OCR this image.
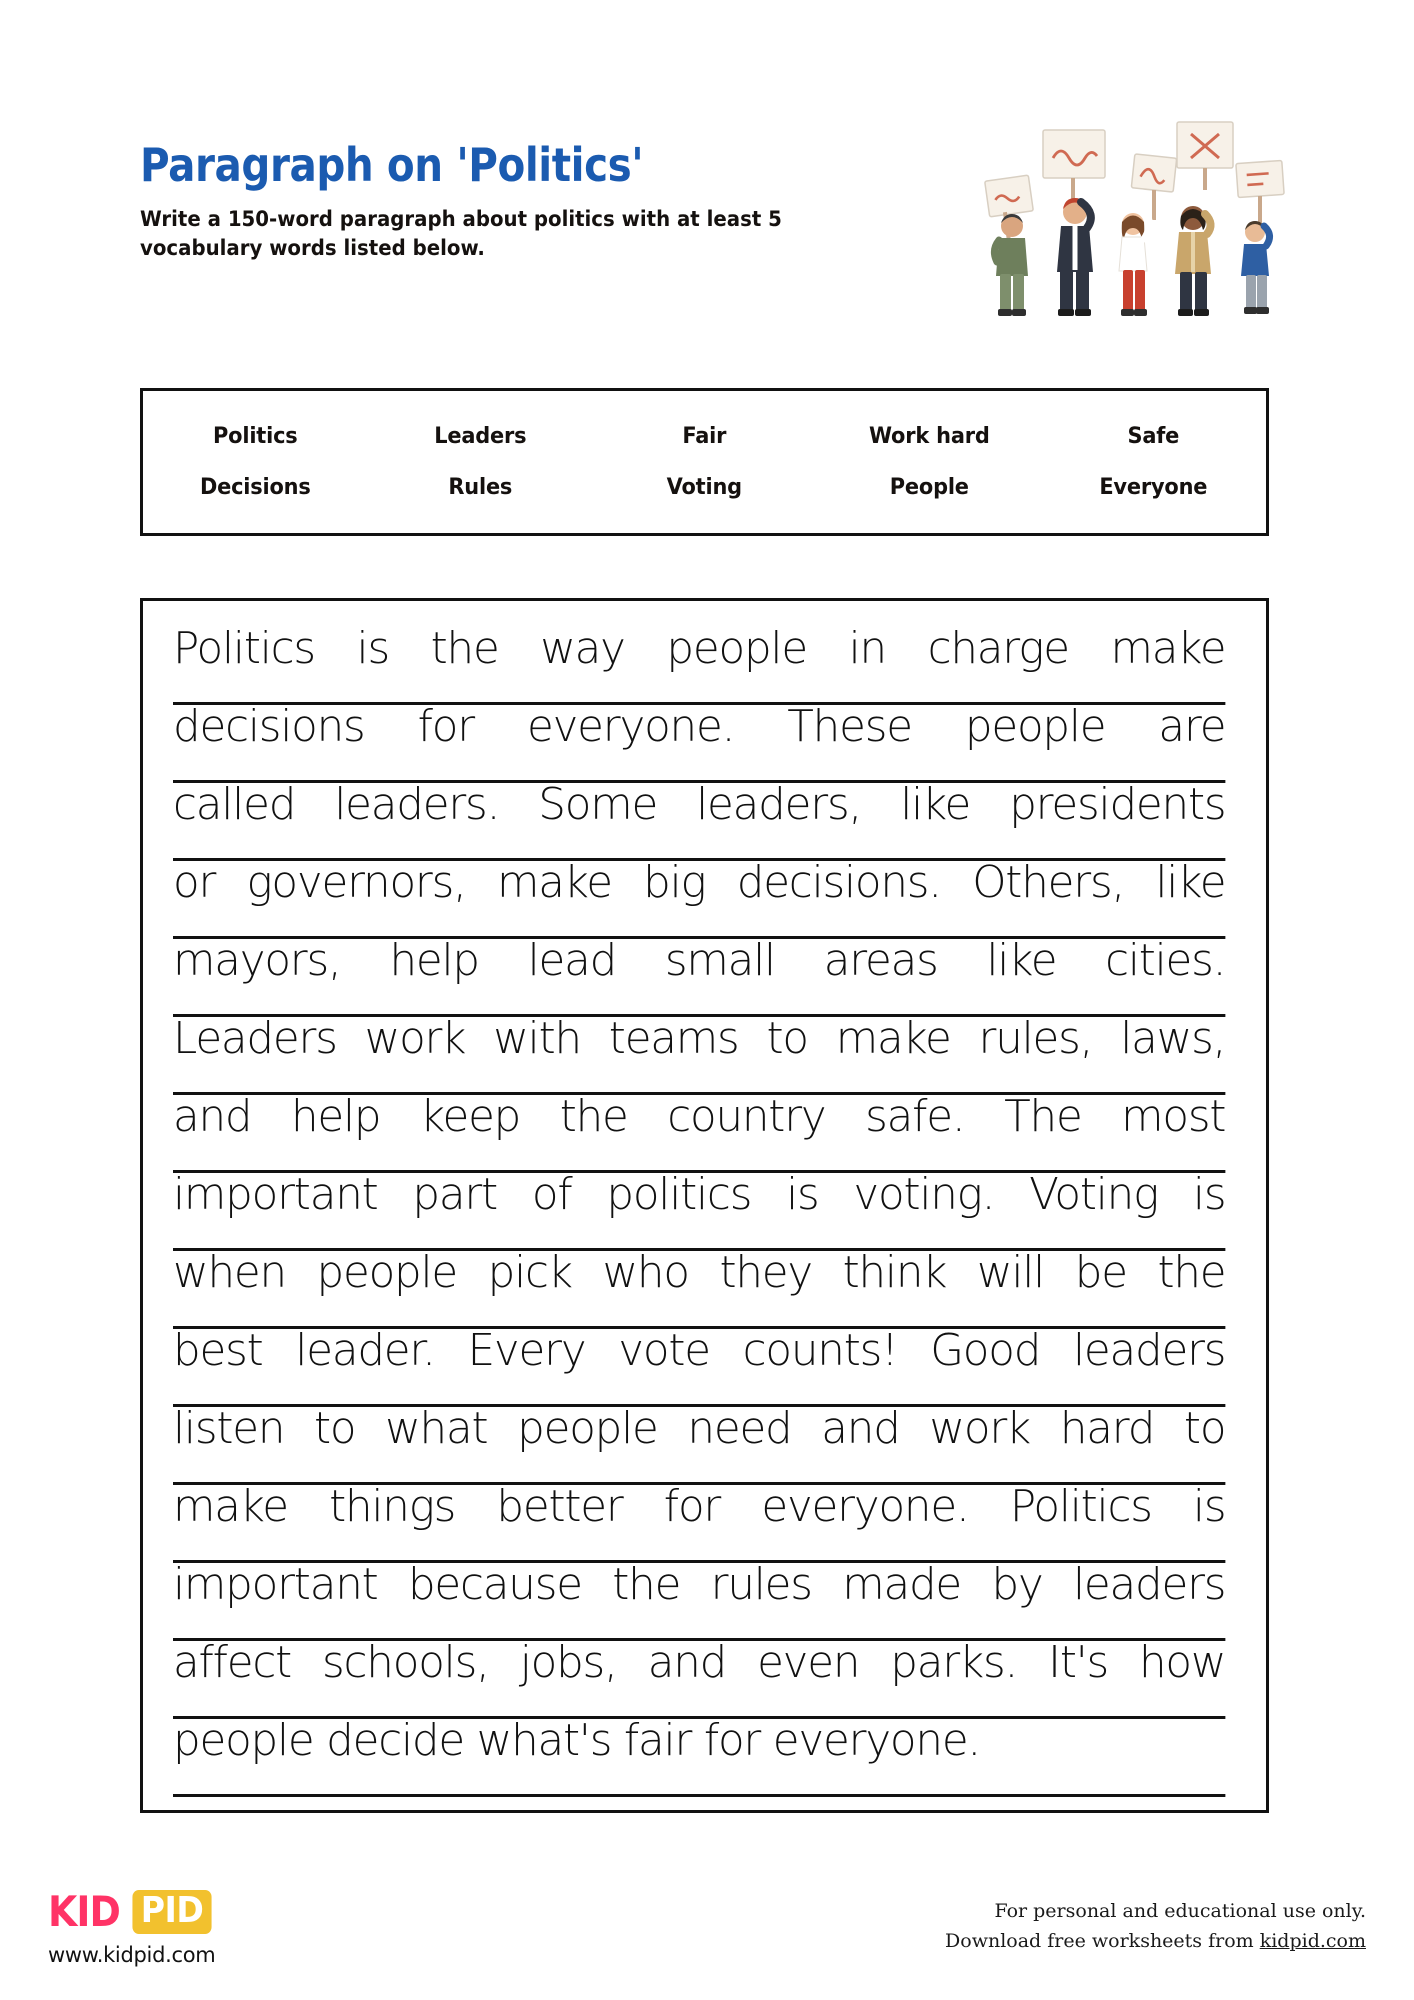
Paragraph on 'Politics'
Write a 150-word paragraph about politics with at least 5 vocabulary words listed below.
Politics	Leaders	Fair	Work hard	Safe
Decisions	Rules	Voting	People	Everyone
Politics is the way people in charge make
decisions for everyone. These people are
called leaders. Some leaders, like presidents
or governors, make big decisions. Others, like
mayors, help lead small areas like cities.
Leaders work with teams to make rules, laws,
and help keep the country safe. The most
important part of politics is voting. Voting is
when people pick who they think will be the
best leader. Every vote counts! Good leaders
listen to what people need and work hard to
make things better for everyone. Politics is
important because the rules made by leaders
affect schools, jobs, and even parks. It's how
people decide what's fair for everyone.
KID PID
www.kidpid.com
For personal and educational use only.
Download free worksheets from kidpid.com
